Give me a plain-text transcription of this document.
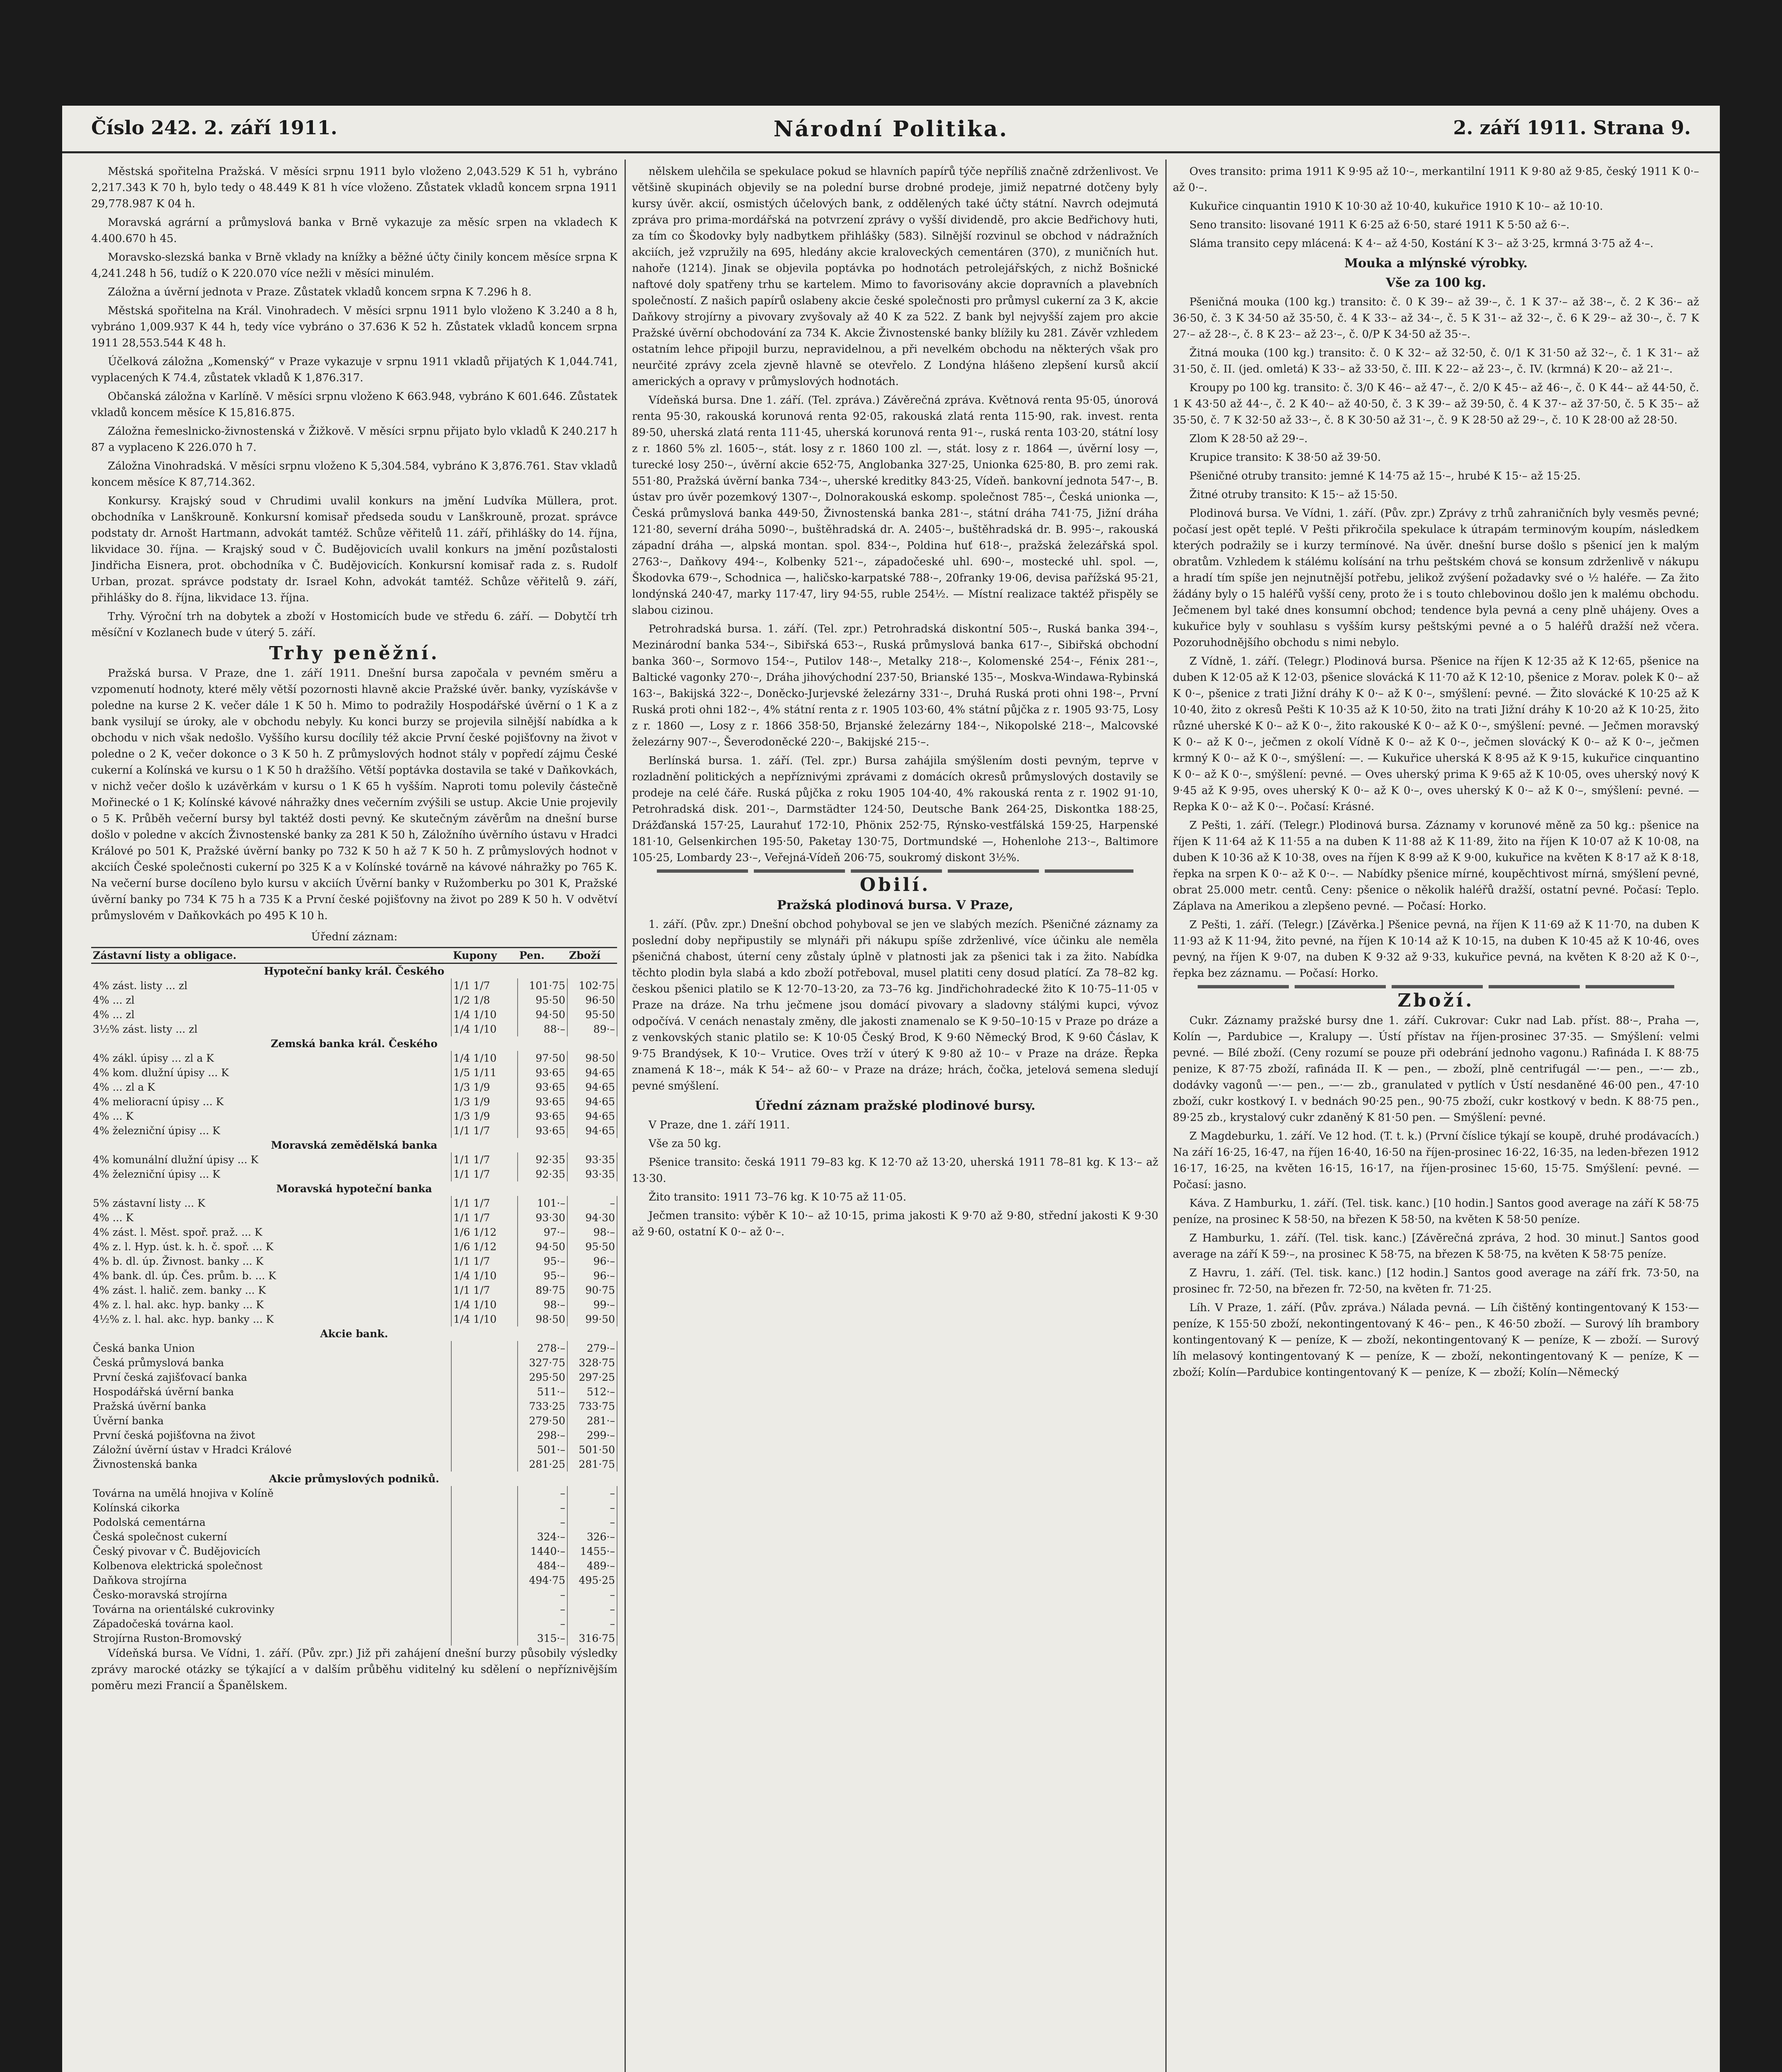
Číslo 242. 2. září 1911.	Národní Politika.	2. září 1911. Strana 9.

Městská spořitelna Pražská. V měsíci srpnu 1911 bylo vloženo 2,043.529 K 51 h, vybráno 2,217.343 K 70 h, bylo tedy o 48.449 K 81 h více vloženo. Zůstatek vkladů koncem srpna 1911 29,778.987 K 04 h.

Moravská agrární a průmyslová banka v Brně vykazuje za měsíc srpen na vkladech K 4.400.670 h 45.

Moravsko-slezská banka v Brně vklady na knížky a běžné účty činily koncem měsíce srpna K 4,241.248 h 56, tudíž o K 220.070 více nežli v měsíci minulém.

Záložna a úvěrní jednota v Praze. Zůstatek vkladů koncem srpna K 7.296 h 8.

Městská spořitelna na Král. Vinohradech. V měsíci srpnu 1911 bylo vloženo K 3.240 a 8 h, vybráno 1,009.937 K 44 h, tedy více vybráno o 37.636 K 52 h. Zůstatek vkladů koncem srpna 1911 28,553.544 K 48 h.

Účelková záložna „Komenský“ v Praze vykazuje v srpnu 1911 vkladů přijatých K 1,044.741, vyplacených K 74.4, zůstatek vkladů K 1,876.317.

Občanská záložna v Karlíně. V měsíci srpnu vloženo K 663.948, vybráno K 601.646. Zůstatek vkladů koncem měsíce K 15,816.875.

Záložna řemeslnicko-živnostenská v Žižkově. V měsíci srpnu přijato bylo vkladů K 240.217 h 87 a vyplaceno K 226.070 h 7.

Záložna Vinohradská. V měsíci srpnu vloženo K 5,304.584, vybráno K 3,876.761. Stav vkladů koncem měsíce K 87,714.362.

Konkursy. Krajský soud v Chrudimi uvalil konkurs na jmění Ludvíka Müllera, prot. obchodníka v Lanškrouně. Konkursní komisař předseda soudu v Lanškrouně, prozat. správce podstaty dr. Arnošt Hartmann, advokát tamtéž. Schůze věřitelů 11. září, přihlášky do 14. října, likvidace 30. října. — Krajský soud v Č. Budějovicích uvalil konkurs na jmění pozůstalosti Jindřicha Eisnera, prot. obchodníka v Č. Budějovicích. Konkursní komisař rada z. s. Rudolf Urban, prozat. správce podstaty dr. Israel Kohn, advokát tamtéž. Schůze věřitelů 9. září, přihlášky do 8. října, likvidace 13. října.

Trhy. Výroční trh na dobytek a zboží v Hostomicích bude ve středu 6. září. — Dobytčí trh měsíční v Kozlanech bude v úterý 5. září.

Trhy peněžní.

Pražská bursa. V Praze, dne 1. září 1911. Dnešní bursa započala v pevném směru a vzpomenutí hodnoty, které měly větší pozornosti hlavně akcie Pražské úvěr. banky, vyzískávše v poledne na kurse 2 K. večer dále 1 K 50 h. Mimo to podražily Hospodářské úvěrní o 1 K a z bank vysilují se úroky, ale v obchodu nebyly. Ku konci burzy se projevila silnější nabídka a k obchodu v nich však nedošlo. Vyššího kursu docílily též akcie První české pojišťovny na život v poledne o 2 K, večer dokonce o 3 K 50 h. Z průmyslových hodnot stály v popředí zájmu České cukerní a Kolínská ve kursu o 1 K 50 h dražšího. Větší poptávka dostavila se také v Daňkovkách, v nichž večer došlo k uzávěrkám v kursu o 1 K 65 h vyšším. Naproti tomu polevily částečně Mořinecké o 1 K; Kolínské kávové náhražky dnes večerním zvýšili se ustup. Akcie Unie projevily o 5 K. Průběh večerní bursy byl taktéž dosti pevný. Ke skutečným závěrům na dnešní burse došlo v poledne v akcích Živnostenské banky za 281 K 50 h, Záložního úvěrního ústavu v Hradci Králové po 501 K, Pražské úvěrní banky po 732 K 50 h až 7 K 50 h. Z průmyslových hodnot v akciích České společnosti cukerní po 325 K a v Kolínské továrně na kávové náhražky po 765 K. Na večerní burse docíleno bylo kursu v akciích Úvěrní banky v Ružomberku po 301 K, Pražské úvěrní banky po 734 K 75 h a 735 K a První české pojišťovny na život po 289 K 50 h. V odvětví průmyslovém v Daňkovkách po 495 K 10 h.

Úřední záznam:
Zástavní listy a obligace.	Kupony	Pen.	Zboží
Hypoteční banky král. Českého			
4% zást. listy ... zl	1/1 1/7	101·75	102·75
4% ... zl	1/2 1/8	95·50	96·50
4% ... zl	1/4 1/10	94·50	95·50
3½% zást. listy ... zl	1/4 1/10	88·–	89·–
Zemská banka král. Českého			
4% zákl. úpisy ... zl a K	1/4 1/10	97·50	98·50
4% kom. dlužní úpisy ... K	1/5 1/11	93·65	94·65
4% ... zl a K	1/3 1/9	93·65	94·65
4% melioracní úpisy ... K	1/3 1/9	93·65	94·65
4% ... K	1/3 1/9	93·65	94·65
4% železniční úpisy ... K	1/1 1/7	93·65	94·65
Moravská zemědělská banka			
4% komunální dlužní úpisy ... K	1/1 1/7	92·35	93·35
4% železniční úpisy ... K	1/1 1/7	92·35	93·35
Moravská hypoteční banka			
5% zástavní listy ... K	1/1 1/7	101·–	–
4% ... K	1/1 1/7	93·30	94·30
4% zást. l. Měst. spoř. praž. ... K	1/6 1/12	97·–	98·–
4% z. l. Hyp. úst. k. h. č. spoř. ... K	1/6 1/12	94·50	95·50
4% b. dl. úp. Živnost. banky ... K	1/1 1/7	95·–	96·–
4% bank. dl. úp. Čes. prům. b. ... K	1/4 1/10	95·–	96·–
4% zást. l. halič. zem. banky ... K	1/1 1/7	89·75	90·75
4% z. l. hal. akc. hyp. banky ... K	1/4 1/10	98·–	99·–
4½% z. l. hal. akc. hyp. banky ... K	1/4 1/10	98·50	99·50
Akcie bank.			
Česká banka Union		278·–	279·–
Česká průmyslová banka		327·75	328·75
První česká zajišťovací banka		295·50	297·25
Hospodářská úvěrní banka		511·–	512·–
Pražská úvěrní banka		733·25	733·75
Úvěrní banka		279·50	281·–
První česká pojišťovna na život		298·–	299·–
Záložní úvěrní ústav v Hradci Králové		501·–	501·50
Živnostenská banka		281·25	281·75
Akcie průmyslových podniků.			
Továrna na umělá hnojiva v Kolíně		–	–
Kolínská cikorka		–	–
Podolská cementárna		–	–
Česká společnost cukerní		324·–	326·–
Český pivovar v Č. Budějovicích		1440·–	1455·–
Kolbenova elektrická společnost		484·–	489·–
Daňkova strojírna		494·75	495·25
Česko-moravská strojírna		–	–
Továrna na orientálské cukrovinky		–	–
Západočeská továrna kaol.		–	–
Strojírna Ruston-Bromovský		315·–	316·75

Vídeňská bursa. Ve Vídni, 1. září. (Pův. zpr.) Již při zahájení dnešní burzy působily výsledky zprávy marocké otázky se týkající a v dalším průběhu viditelný ku sdělení o nepříznivějším poměru mezi Francií a Španělskem.

nělskem ulehčila se spekulace pokud se hlavních papírů týče nepříliš značně zdrženlivost. Ve většině skupinách objevily se na polední burse drobné prodeje, jimiž nepatrné dotčeny byly kursy úvěr. akcií, osmistých účelových bank, z oddělených také účty státní. Navrch odejmutá zpráva pro prima-mordářská na potvrzení zprávy o vyšší dividendě, pro akcie Bedřichovy huti, za tím co Škodovky byly nadbytkem přihlášky (583). Silnější rozvinul se obchod v nádražních akciích, jež vzpružily na 695, hledány akcie kraloveckých cementáren (370), z muničních hut. nahoře (1214). Jinak se objevila poptávka po hodnotách petrolejářských, z nichž Bošnické naftové doly spatřeny trhu se kartelem. Mimo to favorisovány akcie dopravních a plavebních společností. Z našich papírů oslabeny akcie české společnosti pro průmysl cukerní za 3 K, akcie Daňkovy strojírny a pivovary zvyšovaly až 40 K za 522. Z bank byl nejvyšší zajem pro akcie Pražské úvěrní obchodování za 734 K. Akcie Živnostenské banky blížily ku 281. Závěr vzhledem ostatním lehce připojil burzu, nepravidelnou, a při nevelkém obchodu na některých však pro neurčité zprávy zcela zjevně hlavně se otevřelo. Z Londýna hlášeno zlepšení kursů akcií amerických a opravy v průmyslových hodnotách.

Vídeňská bursa. Dne 1. září. (Tel. zpráva.) Závěrečná zpráva. Květnová renta 95·05, únorová renta 95·30, rakouská korunová renta 92·05, rakouská zlatá renta 115·90, rak. invest. renta 89·50, uherská zlatá renta 111·45, uherská korunová renta 91·–, ruská renta 103·20, státní losy z r. 1860 5% zl. 1605·–, stát. losy z r. 1860 100 zl. —, stát. losy z r. 1864 —, úvěrní losy —, turecké losy 250·–, úvěrní akcie 652·75, Anglobanka 327·25, Unionka 625·80, B. pro zemi rak. 551·80, Pražská úvěrní banka 734·–, uherské kreditky 843·25, Vídeň. bankovní jednota 547·–, B. ústav pro úvěr pozemkový 1307·–, Dolnorakouská eskomp. společnost 785·–, Česká unionka —, Česká průmyslová banka 449·50, Živnostenská banka 281·–, státní dráha 741·75, Jižní dráha 121·80, severní dráha 5090·–, buštěhradská dr. A. 2405·–, buštěhradská dr. B. 995·–, rakouská západní dráha —, alpská montan. spol. 834·–, Poldina huť 618·–, pražská železářská spol. 2763·–, Daňkovy 494·–, Kolbenky 521·–, západočeské uhl. 690·–, mostecké uhl. spol. —, Škodovka 679·–, Schodnica —, haličsko-karpatské 788·–, 20franky 19·06, devisa pařížská 95·21, londýnská 240·47, marky 117·47, liry 94·55, ruble 254½. — Místní realizace taktéž přispěly se slabou cizinou.

Petrohradská bursa. 1. září. (Tel. zpr.) Petrohradská diskontní 505·–, Ruská banka 394·–, Mezinárodní banka 534·–, Sibiřská 653·–, Ruská průmyslová banka 617·–, Sibiřská obchodní banka 360·–, Sormovo 154·–, Putilov 148·–, Metalky 218·–, Kolomenské 254·–, Fénix 281·–, Baltické vagonky 270·–, Dráha jihovýchodní 237·50, Brianské 135·–, Moskva-Windawa-Rybinská 163·–, Bakijská 322·–, Doněcko-Jurjevské železárny 331·–, Druhá Ruská proti ohni 198·–, První Ruská proti ohni 182·–, 4% státní renta z r. 1905 103·60, 4% státní půjčka z r. 1905 93·75, Losy z r. 1860 —, Losy z r. 1866 358·50, Brjanské železárny 184·–, Nikopolské 218·–, Malcovské železárny 907·–, Ševerodoněcké 220·–, Bakijské 215·–.

Berlínská bursa. 1. září. (Tel. zpr.) Bursa zahájila smýšlením dosti pevným, teprve v rozladnění politických a nepříznivými zprávami z domácích okresů průmyslových dostavily se prodeje na celé čáře. Ruská půjčka z roku 1905 104·40, 4% rakouská renta z r. 1902 91·10, Petrohradská disk. 201·–, Darmstädter 124·50, Deutsche Bank 264·25, Diskontka 188·25, Drážďanská 157·25, Laurahuť 172·10, Phönix 252·75, Rýnsko-vestfálská 159·25, Harpenské 181·10, Gelsenkirchen 195·50, Paketay 130·75, Dortmundské —, Hohenlohe 213·–, Baltimore 105·25, Lombardy 23·–, Veřejná-Vídeň 206·75, soukromý diskont 3½%.

Obilí.
Pražská plodinová bursa. V Praze,

1. září. (Pův. zpr.) Dnešní obchod pohyboval se jen ve slabých mezích. Pšeničné záznamy za poslední doby nepřipustily se mlynáři při nákupu spíše zdrženlivé, více účinku ale neměla pšeničná chabost, úterní ceny zůstaly úplně v platnosti jak za pšenici tak i za žito. Nabídka těchto plodin byla slabá a kdo zboží potřeboval, musel platiti ceny dosud platící. Za 78–82 kg. českou pšenici platilo se K 12·70–13·20, za 73–76 kg. Jindřichohradecké žito K 10·75–11·05 v Praze na dráze. Na trhu ječmene jsou domácí pivovary a sladovny stálými kupci, vývoz odpočívá. V cenách nenastaly změny, dle jakosti znamenalo se K 9·50–10·15 v Praze po dráze a z venkovských stanic platilo se: K 10·05 Český Brod, K 9·60 Německý Brod, K 9·60 Čáslav, K 9·75 Brandýsek, K 10·– Vrutice. Oves trží v úterý K 9·80 až 10·– v Praze na dráze. Řepka znamená K 18·–, mák K 54·– až 60·– v Praze na dráze; hrách, čočka, jetelová semena sledují pevné smýšlení.

Úřední záznam pražské plodinové bursy.

V Praze, dne 1. září 1911.

Vše za 50 kg.

Pšenice transito: česká 1911 79–83 kg. K 12·70 až 13·20, uherská 1911 78–81 kg. K 13·– až 13·30.

Žito transito: 1911 73–76 kg. K 10·75 až 11·05.

Ječmen transito: výběr K 10·– až 10·15, prima jakosti K 9·70 až 9·80, střední jakosti K 9·30 až 9·60, ostatní K 0·– až 0·–.

Oves transito: prima 1911 K 9·95 až 10·–, merkantilní 1911 K 9·80 až 9·85, český 1911 K 0·– až 0·–.

Kukuřice cinquantin 1910 K 10·30 až 10·40, kukuřice 1910 K 10·– až 10·10.

Seno transito: lisované 1911 K 6·25 až 6·50, staré 1911 K 5·50 až 6·–.

Sláma transito cepy mlácená: K 4·– až 4·50, Kostání K 3·– až 3·25, krmná 3·75 až 4·–.

Mouka a mlýnské výrobky.
Vše za 100 kg.

Pšeničná mouka (100 kg.) transito: č. 0 K 39·– až 39·–, č. 1 K 37·– až 38·–, č. 2 K 36·– až 36·50, č. 3 K 34·50 až 35·50, č. 4 K 33·– až 34·–, č. 5 K 31·– až 32·–, č. 6 K 29·– až 30·–, č. 7 K 27·– až 28·–, č. 8 K 23·– až 23·–, č. 0/P K 34·50 až 35·–.

Žitná mouka (100 kg.) transito: č. 0 K 32·– až 32·50, č. 0/1 K 31·50 až 32·–, č. 1 K 31·– až 31·50, č. II. (jed. omletá) K 33·– až 33·50, č. III. K 22·– až 23·–, č. IV. (krmná) K 20·– až 21·–.

Kroupy po 100 kg. transito: č. 3/0 K 46·– až 47·–, č. 2/0 K 45·– až 46·–, č. 0 K 44·– až 44·50, č. 1 K 43·50 až 44·–, č. 2 K 40·– až 40·50, č. 3 K 39·– až 39·50, č. 4 K 37·– až 37·50, č. 5 K 35·– až 35·50, č. 7 K 32·50 až 33·–, č. 8 K 30·50 až 31·–, č. 9 K 28·50 až 29·–, č. 10 K 28·00 až 28·50.

Zlom K 28·50 až 29·–.

Krupice transito: K 38·50 až 39·50.

Pšeničné otruby transito: jemné K 14·75 až 15·–, hrubé K 15·– až 15·25.

Žitné otruby transito: K 15·– až 15·50.

Plodinová bursa. Ve Vídni, 1. září. (Pův. zpr.) Zprávy z trhů zahraničních byly vesměs pevné; počasí jest opět teplé. V Pešti přikročila spekulace k útrapám terminovým koupím, následkem kterých podražily se i kurzy termínové. Na úvěr. dnešní burse došlo s pšenicí jen k malým obratům. Vzhledem k stálému kolísání na trhu peštském chová se konsum zdrženlivě v nákupu a hradí tím spíše jen nejnutnější potřebu, jelikož zvýšení požadavky své o ½ haléře. — Za žito žádány byly o 15 haléřů vyšší ceny, proto že i s touto chlebovinou došlo jen k malému obchodu. Ječmenem byl také dnes konsumní obchod; tendence byla pevná a ceny plně uhájeny. Oves a kukuřice byly v souhlasu s vyšším kursy peštskými pevné a o 5 haléřů dražší než včera. Pozoruhodnějšího obchodu s nimi nebylo.

Z Vídně, 1. září. (Telegr.) Plodinová bursa. Pšenice na říjen K 12·35 až K 12·65, pšenice na duben K 12·05 až K 12·03, pšenice slovácká K 11·70 až K 12·10, pšenice z Morav. polek K 0·– až K 0·–, pšenice z trati Jižní dráhy K 0·– až K 0·–, smýšlení: pevné. — Žito slovácké K 10·25 až K 10·40, žito z okresů Pešti K 10·35 až K 10·50, žito na trati Jižní dráhy K 10·20 až K 10·25, žito různé uherské K 0·– až K 0·–, žito rakouské K 0·– až K 0·–, smýšlení: pevné. — Ječmen moravský K 0·– až K 0·–, ječmen z okolí Vídně K 0·– až K 0·–, ječmen slovácký K 0·– až K 0·–, ječmen krmný K 0·– až K 0·–, smýšlení: —. — Kukuřice uherská K 8·95 až K 9·15, kukuřice cinquantino K 0·– až K 0·–, smýšlení: pevné. — Oves uherský prima K 9·65 až K 10·05, oves uherský nový K 9·45 až K 9·95, oves uherský K 0·– až K 0·–, oves uherský K 0·– až K 0·–, smýšlení: pevné. — Repka K 0·– až K 0·–. Počasí: Krásné.

Z Pešti, 1. září. (Telegr.) Plodinová bursa. Záznamy v korunové měně za 50 kg.: pšenice na říjen K 11·64 až K 11·55 a na duben K 11·88 až K 11·89, žito na říjen K 10·07 až K 10·08, na duben K 10·36 až K 10·38, oves na říjen K 8·99 až K 9·00, kukuřice na květen K 8·17 až K 8·18, řepka na srpen K 0·– až K 0·–. — Nabídky pšenice mírné, koupěchtivost mírná, smýšlení pevné, obrat 25.000 metr. centů. Ceny: pšenice o několik haléřů dražší, ostatní pevné. Počasí: Teplo. Záplava na Amerikou a zlepšeno pevné. — Počasí: Horko.

Z Pešti, 1. září. (Telegr.) [Závěrka.] Pšenice pevná, na říjen K 11·69 až K 11·70, na duben K 11·93 až K 11·94, žito pevné, na říjen K 10·14 až K 10·15, na duben K 10·45 až K 10·46, oves pevný, na říjen K 9·07, na duben K 9·32 až 9·33, kukuřice pevná, na květen K 8·20 až K 0·–, řepka bez záznamu. — Počasí: Horko.

Zboží.

Cukr. Záznamy pražské bursy dne 1. září. Cukrovar: Cukr nad Lab. příst. 88·–, Praha —, Kolín —, Pardubice —, Kralupy —. Ústí přístav na říjen-prosinec 37·35. — Smýšlení: velmi pevné. — Bílé zboží. (Ceny rozumí se pouze při odebrání jednoho vagonu.) Rafináda I. K 88·75 penize, K 87·75 zboží, rafináda II. K — pen., — zboží, plně centrifugál —·— pen., —·— zb., dodávky vagonů —·— pen., —·— zb., granulated v pytlích v Ústí nesdaněné 46·00 pen., 47·10 zboží, cukr kostkový I. v bednách 90·25 pen., 90·75 zboží, cukr kostkový v bedn. K 88·75 pen., 89·25 zb., krystalový cukr zdaněný K 81·50 pen. — Smýšlení: pevné.

Z Magdeburku, 1. září. Ve 12 hod. (T. t. k.) (První číslice týkají se koupě, druhé prodávacích.) Na září 16·25, 16·47, na říjen 16·40, 16·50 na říjen-prosinec 16·22, 16·35, na leden-březen 1912 16·17, 16·25, na květen 16·15, 16·17, na říjen-prosinec 15·60, 15·75. Smýšlení: pevné. — Počasí: jasno.

Káva. Z Hamburku, 1. září. (Tel. tisk. kanc.) [10 hodin.] Santos good average na září K 58·75 peníze, na prosinec K 58·50, na březen K 58·50, na květen K 58·50 peníze.

Z Hamburku, 1. září. (Tel. tisk. kanc.) [Závěrečná zpráva, 2 hod. 30 minut.] Santos good average na září K 59·–, na prosinec K 58·75, na březen K 58·75, na květen K 58·75 peníze.

Z Havru, 1. září. (Tel. tisk. kanc.) [12 hodin.] Santos good average na září frk. 73·50, na prosinec fr. 72·50, na březen fr. 72·50, na květen fr. 71·25.

Líh. V Praze, 1. září. (Pův. zpráva.) Nálada pevná. — Líh čištěný kontingentovaný K 153·— peníze, K 155·50 zboží, nekontingentovaný K 46·– pen., K 46·50 zboží. — Surový líh brambory kontingentovaný K — peníze, K — zboží, nekontingentovaný K — peníze, K — zboží. — Surový líh melasový kontingentovaný K — peníze, K — zboží, nekontingentovaný K — peníze, K — zboží; Kolín—Pardubice kontingentovaný K — peníze, K — zboží; Kolín—Německý
